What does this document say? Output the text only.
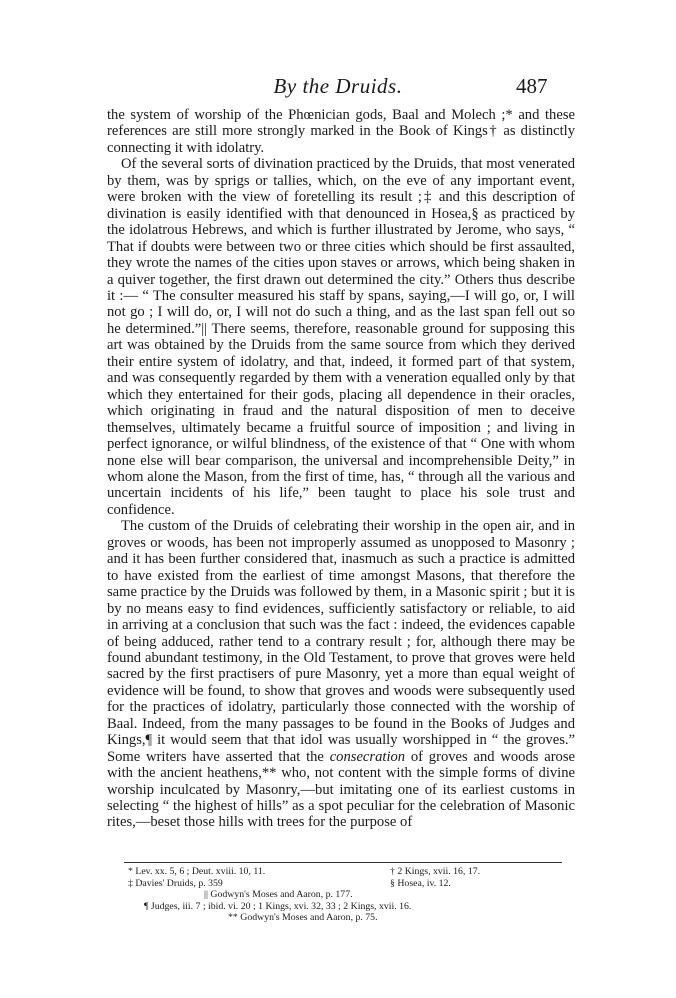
By the Druids.	487

the system of worship of the Phœnician gods, Baal and Molech ;* and these references are still more strongly marked in the Book of Kings† as distinctly connecting it with idolatry.

Of the several sorts of divination practiced by the Druids, that most venerated by them, was by sprigs or tallies, which, on the eve of any important event, were broken with the view of foretelling its result ;‡ and this description of divination is easily identified with that denounced in Hosea,§ as practiced by the idolatrous Hebrews, and which is further illustrated by Jerome, who says, “ That if doubts were between two or three cities which should be first assaulted, they wrote the names of the cities upon staves or arrows, which being shaken in a quiver together, the first drawn out determined the city.” Others thus describe it :— “ The consulter measured his staff by spans, saying,—I will go, or, I will not go ; I will do, or, I will not do such a thing, and as the last span fell out so he determined.”|| There seems, therefore, reasonable ground for supposing this art was obtained by the Druids from the same source from which they derived their entire system of idolatry, and that, indeed, it formed part of that system, and was consequently regarded by them with a veneration equalled only by that which they entertained for their gods, placing all dependence in their oracles, which originating in fraud and the natural disposition of men to deceive themselves, ultimately became a fruitful source of imposition ; and living in perfect ignorance, or wilful blindness, of the existence of that “ One with whom none else will bear comparison, the universal and incomprehensible Deity,” in whom alone the Mason, from the first of time, has, “ through all the various and uncertain incidents of his life,” been taught to place his sole trust and confidence.

The custom of the Druids of celebrating their worship in the open air, and in groves or woods, has been not improperly assumed as unopposed to Masonry ; and it has been further considered that, inasmuch as such a practice is admitted to have existed from the earliest of time amongst Masons, that therefore the same practice by the Druids was followed by them, in a Masonic spirit ; but it is by no means easy to find evidences, sufficiently satisfactory or reliable, to aid in arriving at a conclusion that such was the fact : indeed, the evidences capable of being adduced, rather tend to a contrary result ; for, although there may be found abundant testimony, in the Old Testament, to prove that groves were held sacred by the first practisers of pure Masonry, yet a more than equal weight of evidence will be found, to show that groves and woods were subsequently used for the practices of idolatry, particularly those connected with the worship of Baal. Indeed, from the many passages to be found in the Books of Judges and Kings,¶ it would seem that that idol was usually worshipped in “ the groves.” Some writers have asserted that the consecration of groves and woods arose with the ancient heathens,** who, not content with the simple forms of divine worship inculcated by Masonry,—but imitating one of its earliest customs in selecting “ the highest of hills” as a spot peculiar for the celebration of Masonic rites,—beset those hills with trees for the purpose of

* Lev. xx. 5, 6 ; Deut. xviii. 10, 11.	† 2 Kings, xvii. 16, 17.
‡ Davies' Druids, p. 359	§ Hosea, iv. 12.
|| Godwyn's Moses and Aaron, p. 177.
¶ Judges, iii. 7 ; ibid. vi. 20 ; 1 Kings, xvi. 32, 33 ; 2 Kings, xvii. 16.
** Godwyn's Moses and Aaron, p. 75.
